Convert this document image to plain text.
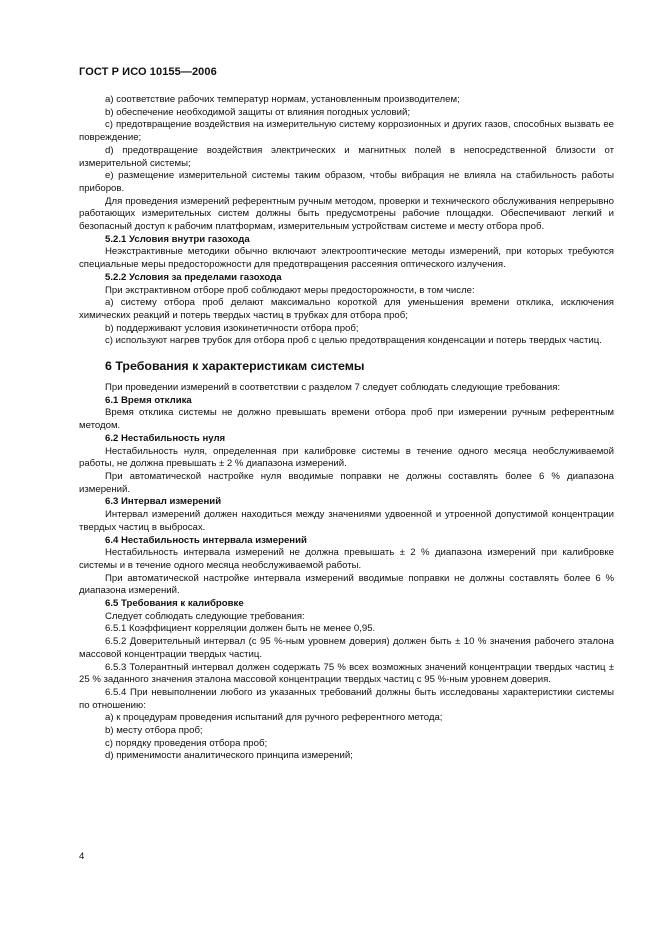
ГОСТ Р ИСО 10155—2006

a) соответствие рабочих температур нормам, установленным производителем;

b) обеспечение необходимой защиты от влияния погодных условий;

c) предотвращение воздействия на измерительную систему коррозионных и других газов, способных вызвать ее повреждение;

d) предотвращение воздействия электрических и магнитных полей в непосредственной близости от измерительной системы;

e) размещение измерительной системы таким образом, чтобы вибрация не влияла на стабильность работы приборов.

Для проведения измерений референтным ручным методом, проверки и технического обслуживания непрерывно работающих измерительных систем должны быть предусмотрены рабочие площадки. Обеспечивают легкий и безопасный доступ к рабочим платформам, измерительным устройствам системе и месту отбора проб.

5.2.1 Условия внутри газохода

Неэкстрактивные методики обычно включают электрооптические методы измерений, при которых требуются специальные меры предосторожности для предотвращения рассеяния оптического излучения.

5.2.2 Условия за пределами газохода

При экстрактивном отборе проб соблюдают меры предосторожности, в том числе:

a) систему отбора проб делают максимально короткой для уменьшения времени отклика, исключения химических реакций и потерь твердых частиц в трубках для отбора проб;

b) поддерживают условия изокинетичности отбора проб;

c) используют нагрев трубок для отбора проб с целью предотвращения конденсации и потерь твердых частиц.

6 Требования к характеристикам системы

При проведении измерений в соответствии с разделом 7 следует соблюдать следующие требования:

6.1 Время отклика

Время отклика системы не должно превышать времени отбора проб при измерении ручным референтным методом.

6.2 Нестабильность нуля

Нестабильность нуля, определенная при калибровке системы в течение одного месяца необслуживаемой работы, не должна превышать ± 2 % диапазона измерений.

При автоматической настройке нуля вводимые поправки не должны составлять более 6 % диапазона измерений.

6.3 Интервал измерений

Интервал измерений должен находиться между значениями удвоенной и утроенной допустимой концентрации твердых частиц в выбросах.

6.4 Нестабильность интервала измерений

Нестабильность интервала измерений не должна превышать ± 2 % диапазона измерений при калибровке системы и в течение одного месяца необслуживаемой работы.

При автоматической настройке интервала измерений вводимые поправки не должны составлять более 6 % диапазона измерений.

6.5 Требования к калибровке

Следует соблюдать следующие требования:

6.5.1 Коэффициент корреляции должен быть не менее 0,95.

6.5.2 Доверительный интервал (с 95 %-ным уровнем доверия) должен быть ± 10 % значения рабочего эталона массовой концентрации твердых частиц.

6.5.3 Толерантный интервал должен содержать 75 % всех возможных значений концентрации твердых частиц ± 25 % заданного значения эталона массовой концентрации твердых частиц с 95 %-ным уровнем доверия.

6.5.4 При невыполнении любого из указанных требований должны быть исследованы характеристики системы по отношению:

a) к процедурам проведения испытаний для ручного референтного метода;

b) месту отбора проб;

c) порядку проведения отбора проб;

d) применимости аналитического принципа измерений;

4
